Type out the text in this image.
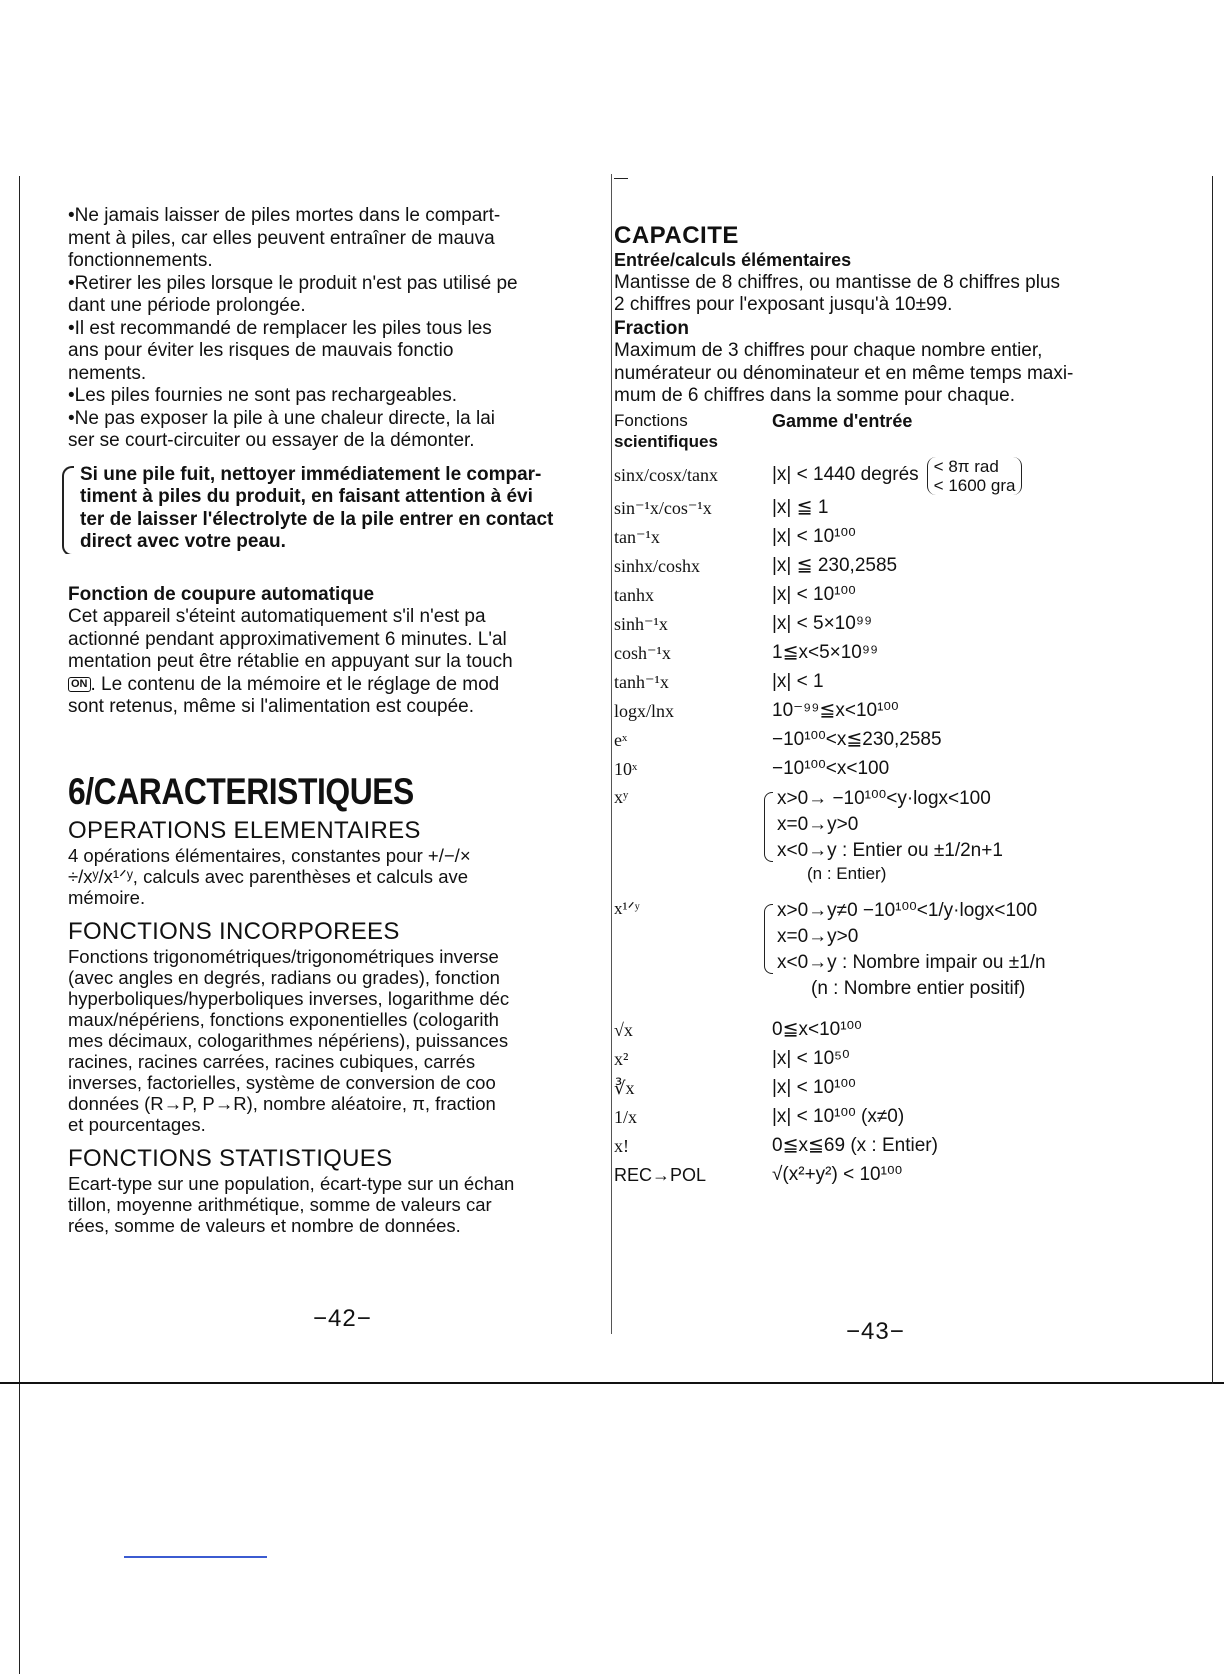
•Ne jamais laisser de piles mortes dans le compart-
ment à piles, car elles peuvent entraîner de mauva
fonctionnements.
•Retirer les piles lorsque le produit n'est pas utilisé pe
dant une période prolongée.
•Il est recommandé de remplacer les piles tous les
ans pour éviter les risques de mauvais fonctio
nements.
•Les piles fournies ne sont pas rechargeables.
•Ne pas exposer la pile à une chaleur directe, la lai
ser se court-circuiter ou essayer de la démonter.
Si une pile fuit, nettoyer immédiatement le compar-
timent à piles du produit, en faisant attention à évi
ter de laisser l'électrolyte de la pile entrer en contact
direct avec votre peau.
Fonction de coupure automatique
Cet appareil s'éteint automatiquement s'il n'est pa
actionné pendant approximativement 6 minutes. L'al
mentation peut être rétablie en appuyant sur la touch
ON . Le contenu de la mémoire et le réglage de mod
sont retenus, même si l'alimentation est coupée.
6/CARACTERISTIQUES
OPERATIONS ELEMENTAIRES
4 opérations élémentaires, constantes pour +/−/×
÷/xʸ/x¹ᐟʸ, calculs avec parenthèses et calculs ave
mémoire.
FONCTIONS INCORPOREES
Fonctions trigonométriques/trigonométriques inverse
(avec angles en degrés, radians ou grades), fonction
hyperboliques/hyperboliques inverses, logarithme déc
maux/népériens, fonctions exponentielles (cologarith
mes décimaux, cologarithmes népériens), puissances
racines, racines carrées, racines cubiques, carrés
inverses, factorielles, système de conversion de coo
données (R→P, P→R), nombre aléatoire, π, fraction
et pourcentages.
FONCTIONS STATISTIQUES
Ecart-type sur une population, écart-type sur un échan
tillon, moyenne arithmétique, somme de valeurs car
rées, somme de valeurs et nombre de données.
−42−
CAPACITE
Entrée/calculs élémentaires
Mantisse de 8 chiffres, ou mantisse de 8 chiffres plus
2 chiffres pour l'exposant jusqu'à 10±99.
Fraction
Maximum de 3 chiffres pour chaque nombre entier,
numérateur ou dénominateur et en même temps maxi-
mum de 6 chiffres dans la somme pour chaque.
Fonctions
scientifiques
Gamme d'entrée
sinx/cosx/tanx	|x| < 1440 degrés < 8π rad
< 1600 gra
sin⁻¹x/cos⁻¹x	|x| ≦ 1
tan⁻¹x	|x| < 10¹⁰⁰
sinhx/coshx	|x| ≦ 230,2585
tanhx	|x| < 10¹⁰⁰
sinh⁻¹x	|x| < 5×10⁹⁹
cosh⁻¹x	1≦x<5×10⁹⁹
tanh⁻¹x	|x| < 1
logx/lnx	10⁻⁹⁹≦x<10¹⁰⁰
eˣ	−10¹⁰⁰<x≦230,2585
10ˣ	−10¹⁰⁰<x<100
xʸ	x>0→ −10¹⁰⁰<y·logx<100
x=0→y>0
x<0→y : Entier ou ±1/2n+1
(n : Entier)
x¹ᐟʸ	x>0→y≠0 −10¹⁰⁰<1/y·logx<100
x=0→y>0
x<0→y : Nombre impair ou ±1/n
(n : Nombre entier positif)
√x	0≦x<10¹⁰⁰
x²	|x| < 10⁵⁰
∛x	|x| < 10¹⁰⁰
1/x	|x| < 10¹⁰⁰ (x≠0)
x!	0≦x≦69 (x : Entier)
REC→POL	√(x²+y²) < 10¹⁰⁰
−43−
